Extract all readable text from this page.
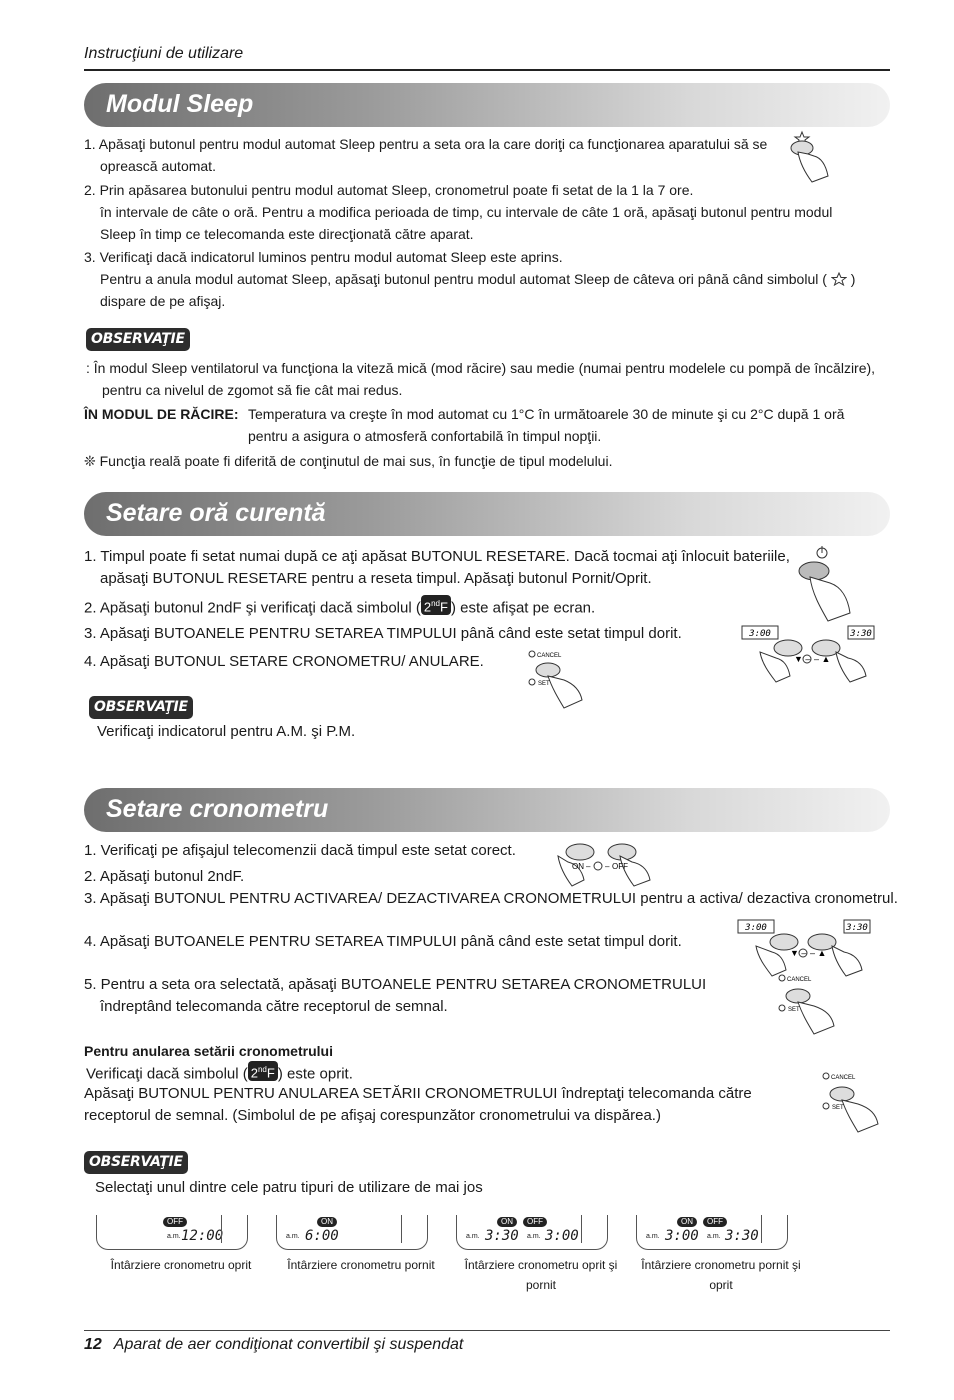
Instrucţiuni de utilizare
Modul Sleep
1. Apăsaţi butonul pentru modul automat Sleep pentru a seta ora la care doriţi ca funcţionarea aparatului să se oprească automat.
2. Prin apăsarea butonului pentru modul automat Sleep, cronometrul poate fi setat de la 1 la 7 ore.
în intervale de câte o oră. Pentru a modifica perioada de timp, cu intervale de câte 1 oră, apăsaţi butonul pentru modul Sleep în timp ce telecomanda este direcţionată către aparat.
3. Verificaţi dacă indicatorul luminos pentru modul automat Sleep este aprins.
Pentru a anula modul automat Sleep, apăsaţi butonul pentru modul automat Sleep de câteva ori până când simbolul ( ) dispare de pe afişaj.
OBSERVAŢIE
: În modul Sleep ventilatorul va funcţiona la viteză mică (mod răcire) sau medie (numai pentru modelele cu pompă de încălzire), pentru ca nivelul de zgomot să fie cât mai redus.
ÎN MODUL DE RĂCIRE: Temperatura va creşte în mod automat cu 1°C în următoarele 30 de minute şi cu 2°C după 1 oră pentru a asigura o atmosferă confortabilă în timpul nopţii.
❊ Funcţia reală poate fi diferită de conţinutul de mai sus, în funcţie de tipul modelului.
Setare oră curentă
1. Timpul poate fi setat numai după ce aţi apăsat BUTONUL RESETARE. Dacă tocmai aţi înlocuit bateriile, apăsaţi BUTONUL RESETARE pentru a reseta timpul. Apăsaţi butonul Pornit/Oprit.
2. Apăsaţi butonul 2ndF şi verificaţi dacă simbolul ( 2ndF ) este afişat pe ecran.
3. Apăsaţi BUTOANELE PENTRU SETAREA TIMPULUI până când este setat timpul dorit.
4. Apăsaţi BUTONUL SETARE CRONOMETRU/ ANULARE.
3:00	3:30
▼ – – ▲
CANCEL
SET
OBSERVAŢIE
Verificaţi indicatorul pentru A.M. şi P.M.
Setare cronometru
1. Verificaţi pe afişajul telecomenzii dacă timpul este setat corect.
ON – – OFF
2. Apăsaţi butonul 2ndF.
3. Apăsaţi BUTONUL PENTRU ACTIVAREA/ DEZACTIVAREA CRONOMETRULUI pentru a activa/ dezactiva cronometrul.
4. Apăsaţi BUTOANELE PENTRU SETAREA TIMPULUI până când este setat timpul dorit.
3:00	3:30
▼ – – ▲
5. Pentru a seta ora selectată, apăsaţi BUTOANELE PENTRU SETAREA CRONOMETRULUI îndreptând telecomanda către receptorul de semnal.
CANCEL
SET
Pentru anularea setării cronometrului
Verificaţi dacă simbolul ( 2ndF ) este oprit.
Apăsaţi BUTONUL PENTRU ANULAREA SETĂRII CRONOMETRULUI îndreptaţi telecomanda către receptorul de semnal. (Simbolul de pe afişaj corespunzător cronometrului va dispărea.)
CANCEL
SET
OBSERVAŢIE
Selectaţi unul dintre cele patru tipuri de utilizare de mai jos
OFF
a.m. 12:00
Întârziere cronometru oprit
ON
a.m. 6:00
Întârziere cronometru pornit
ON	OFF
a.m. 3:30 a.m. 3:00
Întârziere cronometru oprit şi pornit
ON	OFF
a.m. 3:00 a.m. 3:30
Întârziere cronometru pornit şi oprit
12 Aparat de aer condiţionat convertibil şi suspendat
